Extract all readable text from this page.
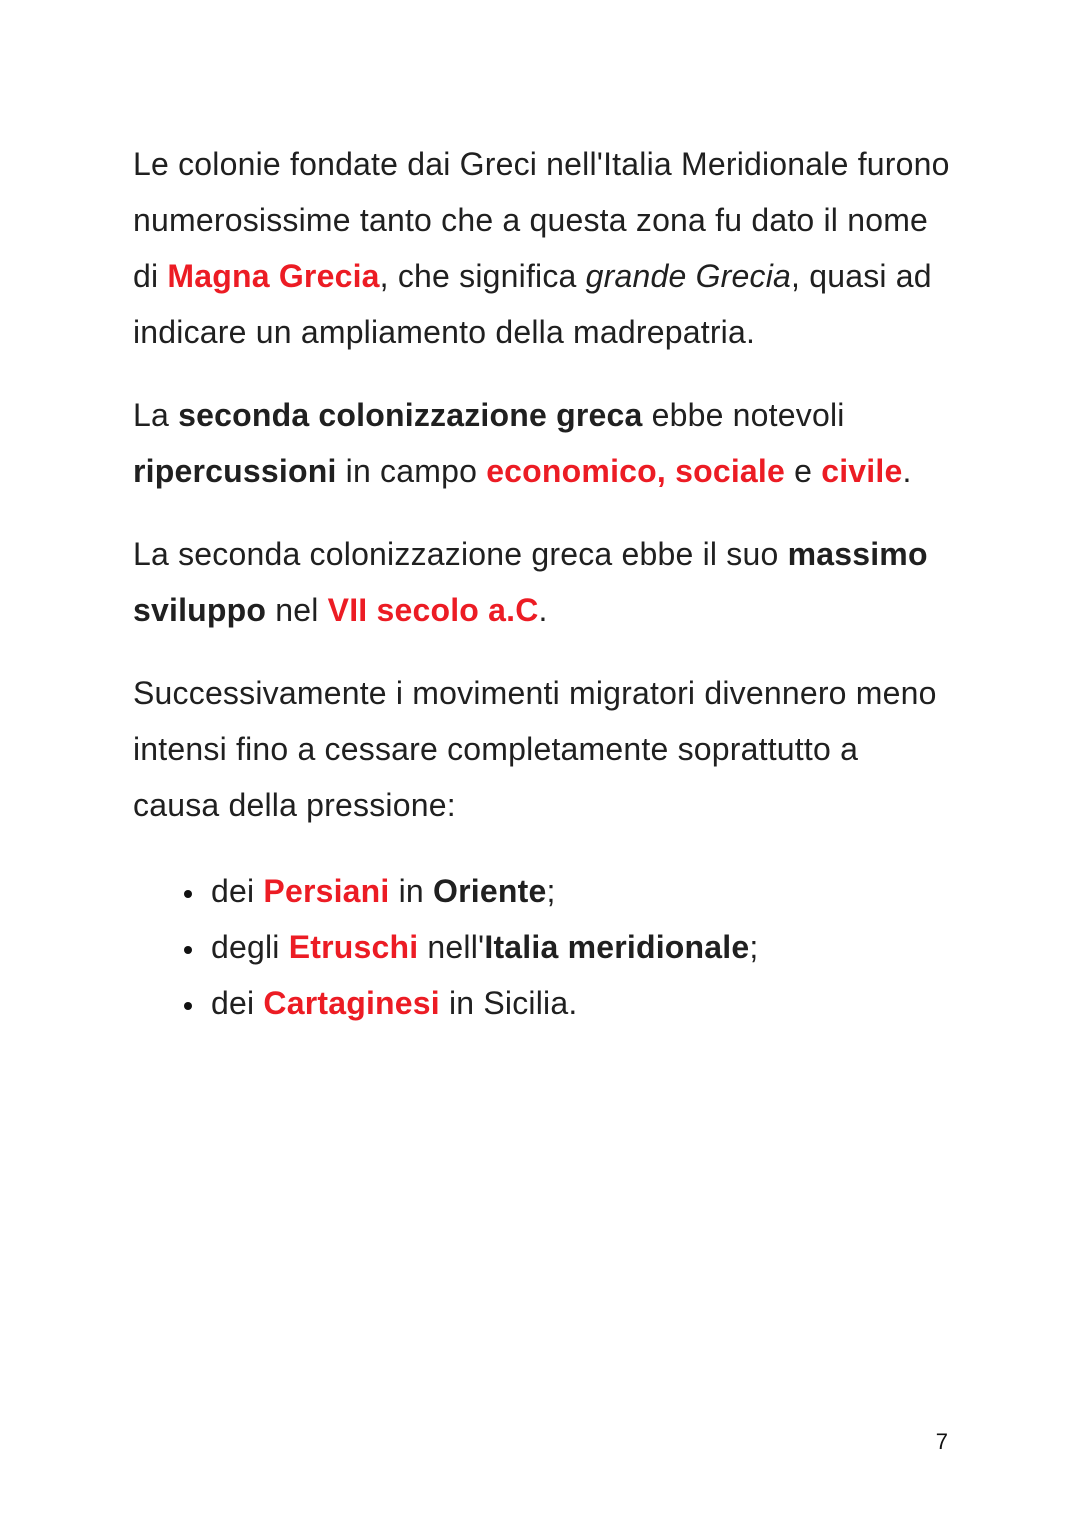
Le colonie fondate dai Greci nell'Italia Meridionale furono numerosissime tanto che a questa zona fu dato il nome di Magna Grecia, che significa grande Grecia, quasi ad indicare un ampliamento della madrepatria.

La seconda colonizzazione greca ebbe notevoli ripercussioni in campo economico, sociale e civile.

La seconda colonizzazione greca ebbe il suo massimo sviluppo nel VII secolo a.C.

Successivamente i movimenti migratori divennero meno intensi fino a cessare completamente soprattutto a causa della pressione:

• dei Persiani in Oriente;
• degli Etruschi nell'Italia meridionale;
• dei Cartaginesi in Sicilia.
7
